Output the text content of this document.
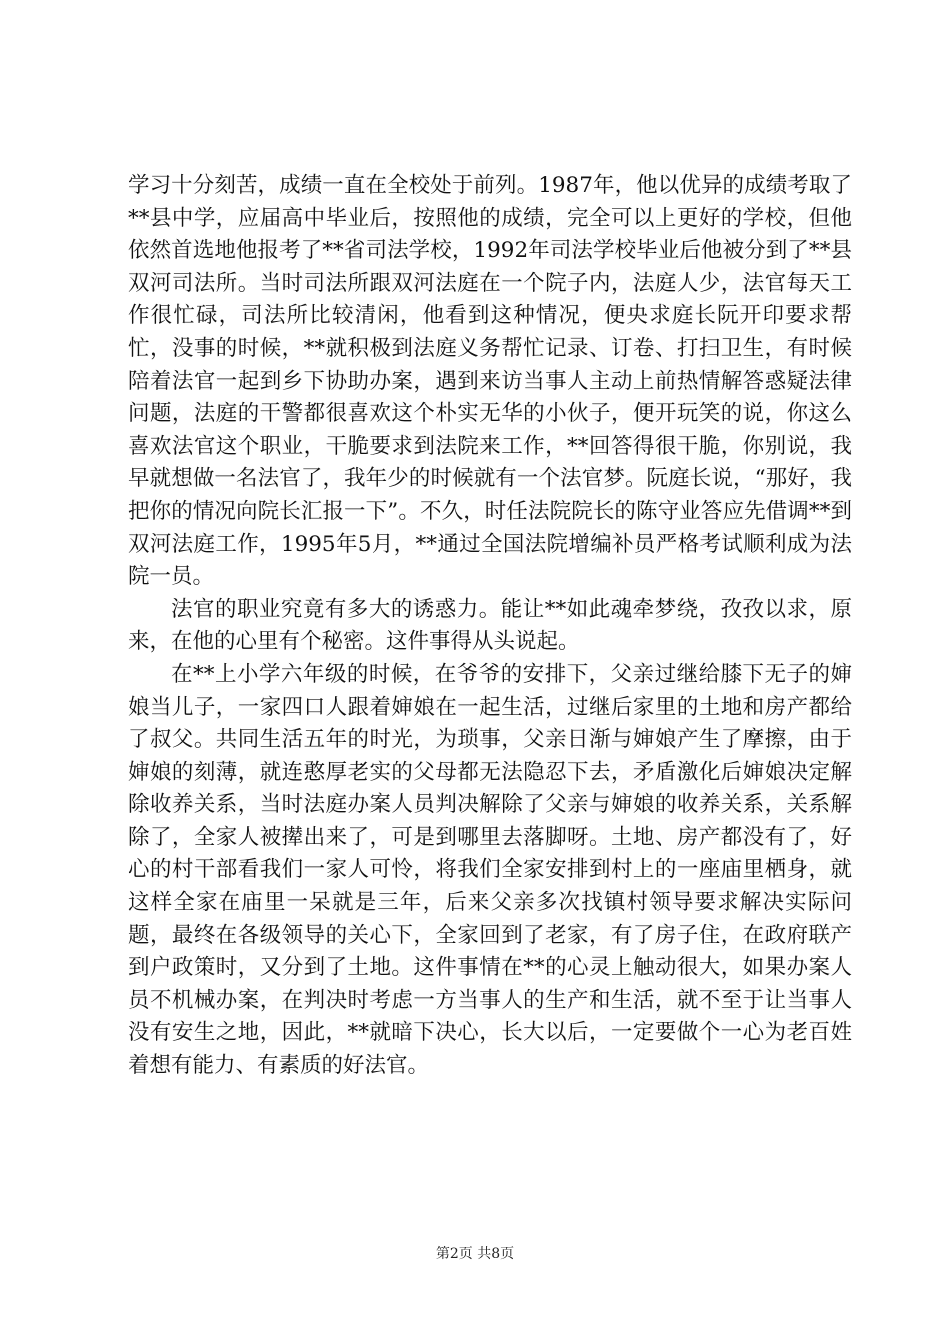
学习十分刻苦，成绩一直在全校处于前列。1987年，他以优异的成绩考取了**县中学，应届高中毕业后，按照他的成绩，完全可以上更好的学校，但他依然首选地他报考了**省司法学校，1992年司法学校毕业后他被分到了**县双河司法所。当时司法所跟双河法庭在一个院子内，法庭人少，法官每天工作很忙碌，司法所比较清闲，他看到这种情况，便央求庭长阮开印要求帮忙，没事的时候，**就积极到法庭义务帮忙记录、订卷、打扫卫生，有时候陪着法官一起到乡下协助办案，遇到来访当事人主动上前热情解答惑疑法律问题，法庭的干警都很喜欢这个朴实无华的小伙子，便开玩笑的说，你这么喜欢法官这个职业，干脆要求到法院来工作，**回答得很干脆，你别说，我早就想做一名法官了，我年少的时候就有一个法官梦。阮庭长说，“那好，我把你的情况向院长汇报一下”。不久，时任法院院长的陈守业答应先借调**到双河法庭工作，1995年5月，**通过全国法院增编补员严格考试顺利成为法院一员。

法官的职业究竟有多大的诱惑力。能让**如此魂牵梦绕，孜孜以求，原来，在他的心里有个秘密。这件事得从头说起。

在**上小学六年级的时候，在爷爷的安排下，父亲过继给膝下无子的婶娘当儿子，一家四口人跟着婶娘在一起生活，过继后家里的土地和房产都给了叔父。共同生活五年的时光，为琐事，父亲日渐与婶娘产生了摩擦，由于婶娘的刻薄，就连憨厚老实的父母都无法隐忍下去，矛盾激化后婶娘决定解除收养关系，当时法庭办案人员判决解除了父亲与婶娘的收养关系，关系解除了，全家人被撵出来了，可是到哪里去落脚呀。土地、房产都没有了，好心的村干部看我们一家人可怜，将我们全家安排到村上的一座庙里栖身，就这样全家在庙里一呆就是三年，后来父亲多次找镇村领导要求解决实际问题，最终在各级领导的关心下，全家回到了老家，有了房子住，在政府联产到户政策时，又分到了土地。这件事情在**的心灵上触动很大，如果办案人员不机械办案，在判决时考虑一方当事人的生产和生活，就不至于让当事人没有安生之地，因此，**就暗下决心，长大以后，一定要做个一心为老百姓着想有能力、有素质的好法官。

第2页 共8页
